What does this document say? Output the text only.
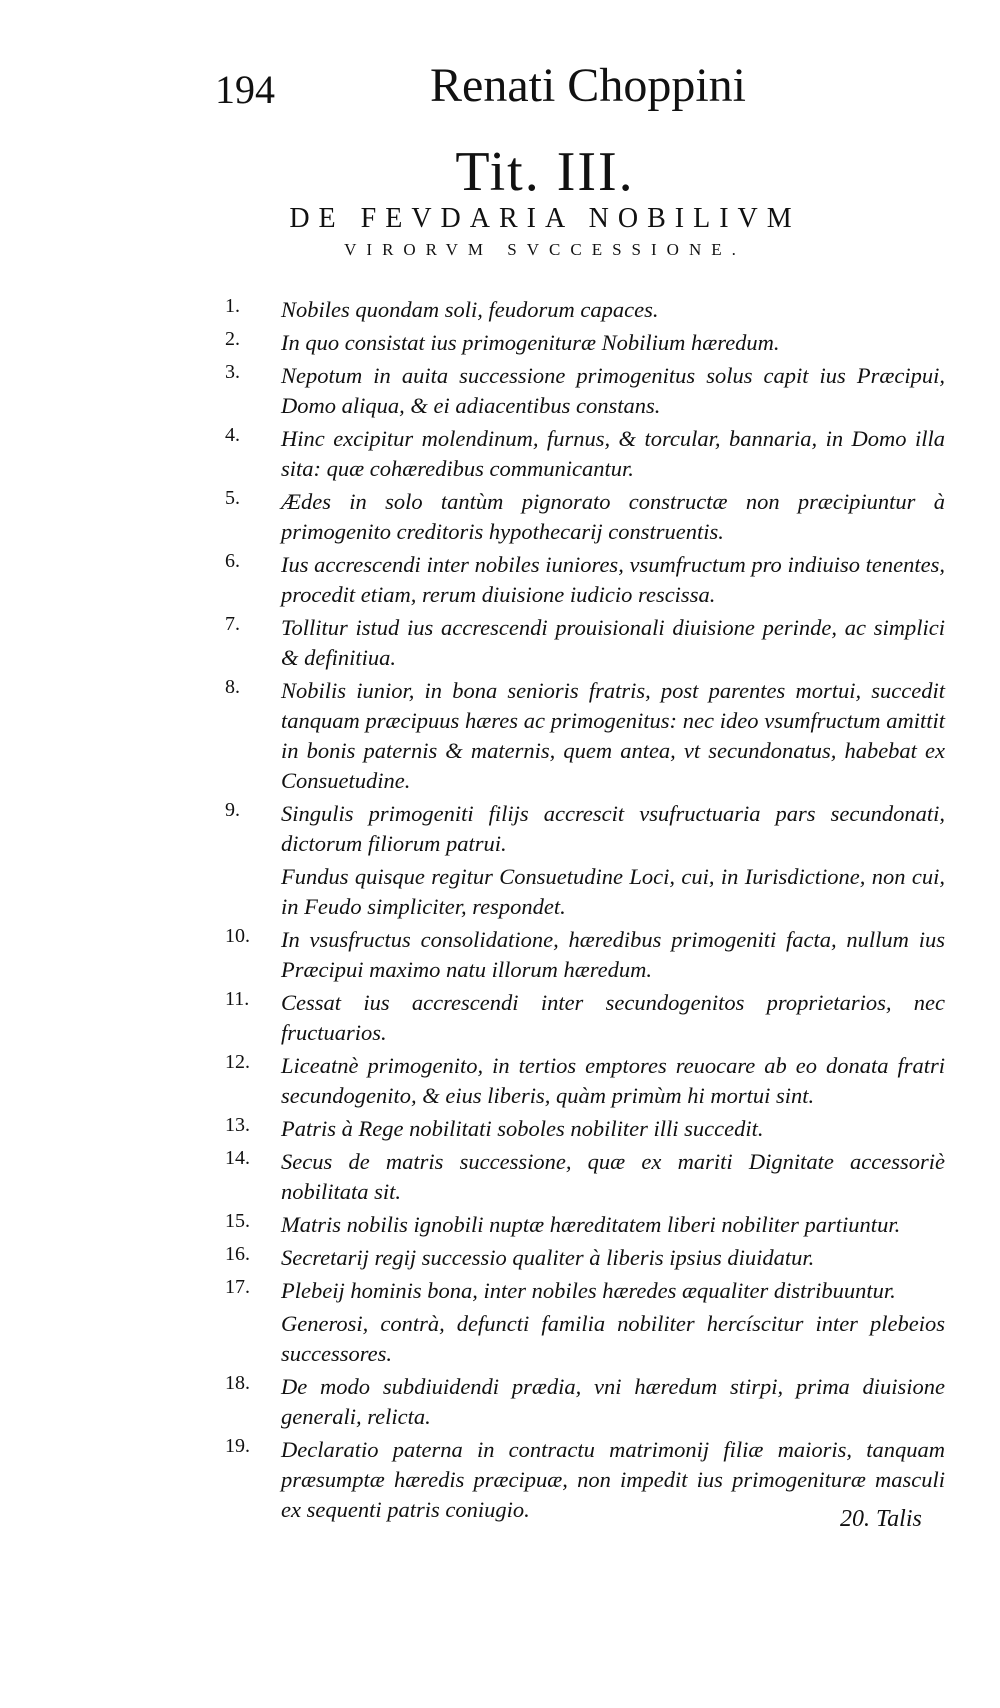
194	Renati Choppini
Tit. III.
DE FEVDARIA NOBILIVM
VIRORVM SVCCESSIONE.
1.	Nobiles quondam soli, feudorum capaces.
2.	In quo consistat ius primogenituræ Nobilium hæredum.
3.	Nepotum in auita successione primogenitus solus capit ius Præcipui, Domo aliqua, & ei adiacentibus constans.
4.	Hinc excipitur molendinum, furnus, & torcular, bannaria, in Domo illa sita: quæ cohæredibus communicantur.
5.	Ædes in solo tantùm pignorato constructæ non præcipiuntur à primogenito creditoris hypothecarij construentis.
6.	Ius accrescendi inter nobiles iuniores, vsumfructum pro indiuiso tenentes, procedit etiam, rerum diuisione iudicio rescissa.
7.	Tollitur istud ius accrescendi prouisionali diuisione perinde, ac simplici & definitiua.
8.	Nobilis iunior, in bona senioris fratris, post parentes mortui, succedit tanquam præcipuus hæres ac primogenitus: nec ideo vsumfructum amittit in bonis paternis & maternis, quem antea, vt secundonatus, habebat ex Consuetudine.
9.	Singulis primogeniti filijs accrescit vsufructuaria pars secundonati, dictorum filiorum patrui.
Fundus quisque regitur Consuetudine Loci, cui, in Iurisdictione, non cui, in Feudo simpliciter, respondet.
10.	In vsusfructus consolidatione, hæredibus primogeniti facta, nullum ius Præcipui maximo natu illorum hæredum.
11.	Cessat ius accrescendi inter secundogenitos proprietarios, nec fructuarios.
12.	Liceatnè primogenito, in tertios emptores reuocare ab eo donata fratri secundogenito, & eius liberis, quàm primùm hi mortui sint.
13.	Patris à Rege nobilitati soboles nobiliter illi succedit.
14.	Secus de matris successione, quæ ex mariti Dignitate accessoriè nobilitata sit.
15.	Matris nobilis ignobili nuptæ hæreditatem liberi nobiliter partiuntur.
16.	Secretarij regij successio qualiter à liberis ipsius diuidatur.
17.	Plebeij hominis bona, inter nobiles hæredes æqualiter distribuuntur.
Generosi, contrà, defuncti familia nobiliter hercíscitur inter plebeios successores.
18.	De modo subdiuidendi prædia, vni hæredum stirpi, prima diuisione generali, relicta.
19.	Declaratio paterna in contractu matrimonij filiæ maioris, tanquam præsumptæ hæredis præcipuæ, non impedit ius primogenituræ masculi ex sequenti patris coniugio.	20. Talis
